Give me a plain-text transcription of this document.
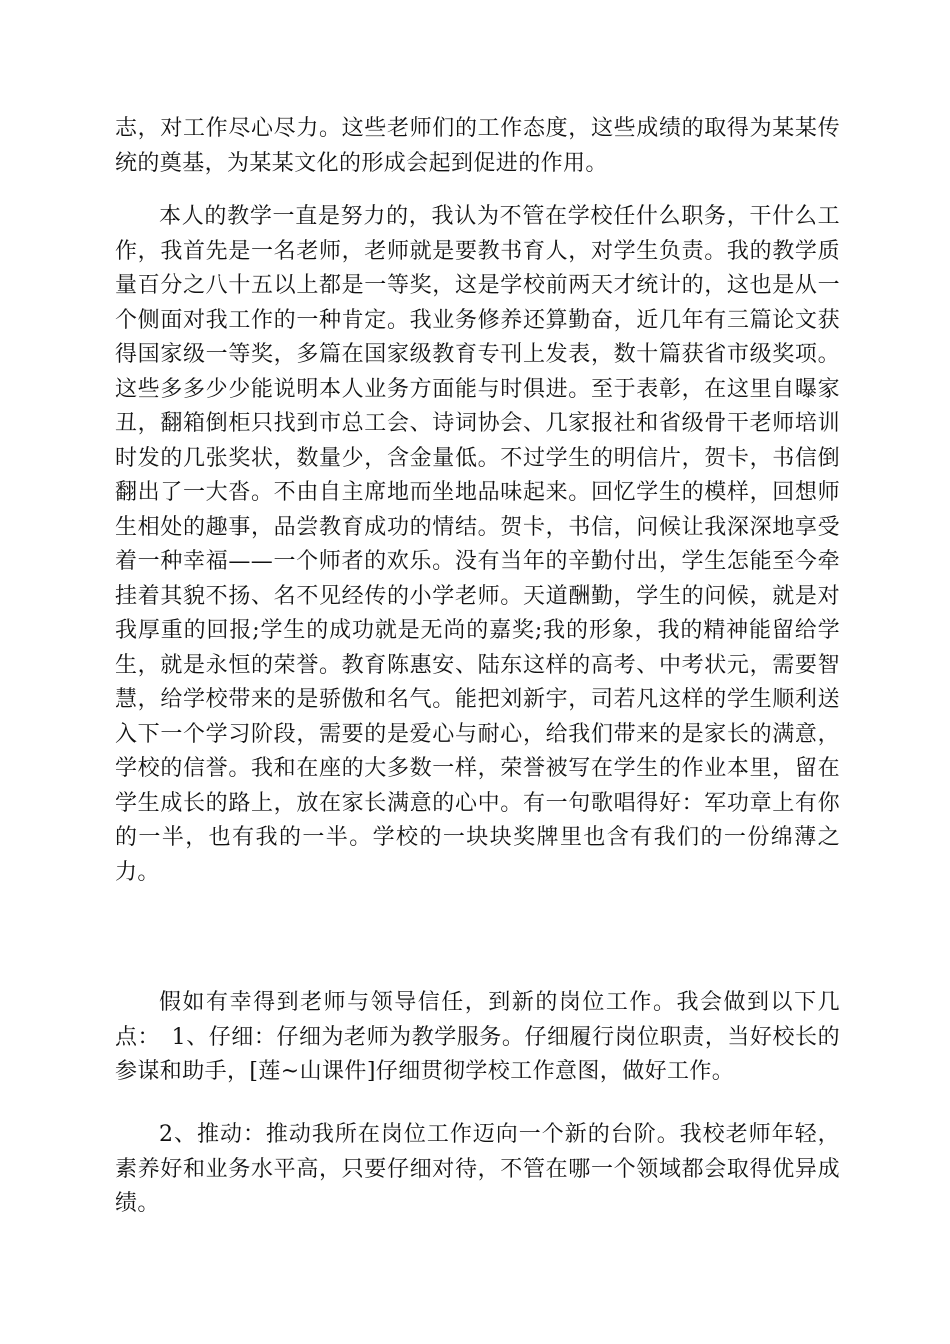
志，对工作尽心尽力。这些老师们的工作态度，这些成绩的取得为某某传统的奠基，为某某文化的形成会起到促进的作用。

本人的教学一直是努力的，我认为不管在学校任什么职务，干什么工作，我首先是一名老师，老师就是要教书育人，对学生负责。我的教学质量百分之八十五以上都是一等奖，这是学校前两天才统计的，这也是从一个侧面对我工作的一种肯定。我业务修养还算勤奋，近几年有三篇论文获得国家级一等奖，多篇在国家级教育专刊上发表，数十篇获省市级奖项。这些多多少少能说明本人业务方面能与时俱进。至于表彰，在这里自曝家丑，翻箱倒柜只找到市总工会、诗词协会、几家报社和省级骨干老师培训时发的几张奖状，数量少，含金量低。不过学生的明信片，贺卡，书信倒翻出了一大沓。不由自主席地而坐地品味起来。回忆学生的模样，回想师生相处的趣事，品尝教育成功的情结。贺卡，书信，问候让我深深地享受着一种幸福——一个师者的欢乐。没有当年的辛勤付出，学生怎能至今牵挂着其貌不扬、名不见经传的小学老师。天道酬勤，学生的问候，就是对我厚重的回报;学生的成功就是无尚的嘉奖;我的形象，我的精神能留给学生，就是永恒的荣誉。教育陈惠安、陆东这样的高考、中考状元，需要智慧，给学校带来的是骄傲和名气。能把刘新宇，司若凡这样的学生顺利送入下一个学习阶段，需要的是爱心与耐心，给我们带来的是家长的满意，学校的信誉。我和在座的大多数一样，荣誉被写在学生的作业本里，留在学生成长的路上，放在家长满意的心中。有一句歌唱得好：军功章上有你的一半，也有我的一半。学校的一块块奖牌里也含有我们的一份绵薄之力。

假如有幸得到老师与领导信任，到新的岗位工作。我会做到以下几点：　1、仔细：仔细为老师为教学服务。仔细履行岗位职责，当好校长的参谋和助手，[莲~山课件]仔细贯彻学校工作意图，做好工作。

2、推动：推动我所在岗位工作迈向一个新的台阶。我校老师年轻，素养好和业务水平高，只要仔细对待，不管在哪一个领域都会取得优异成绩。
